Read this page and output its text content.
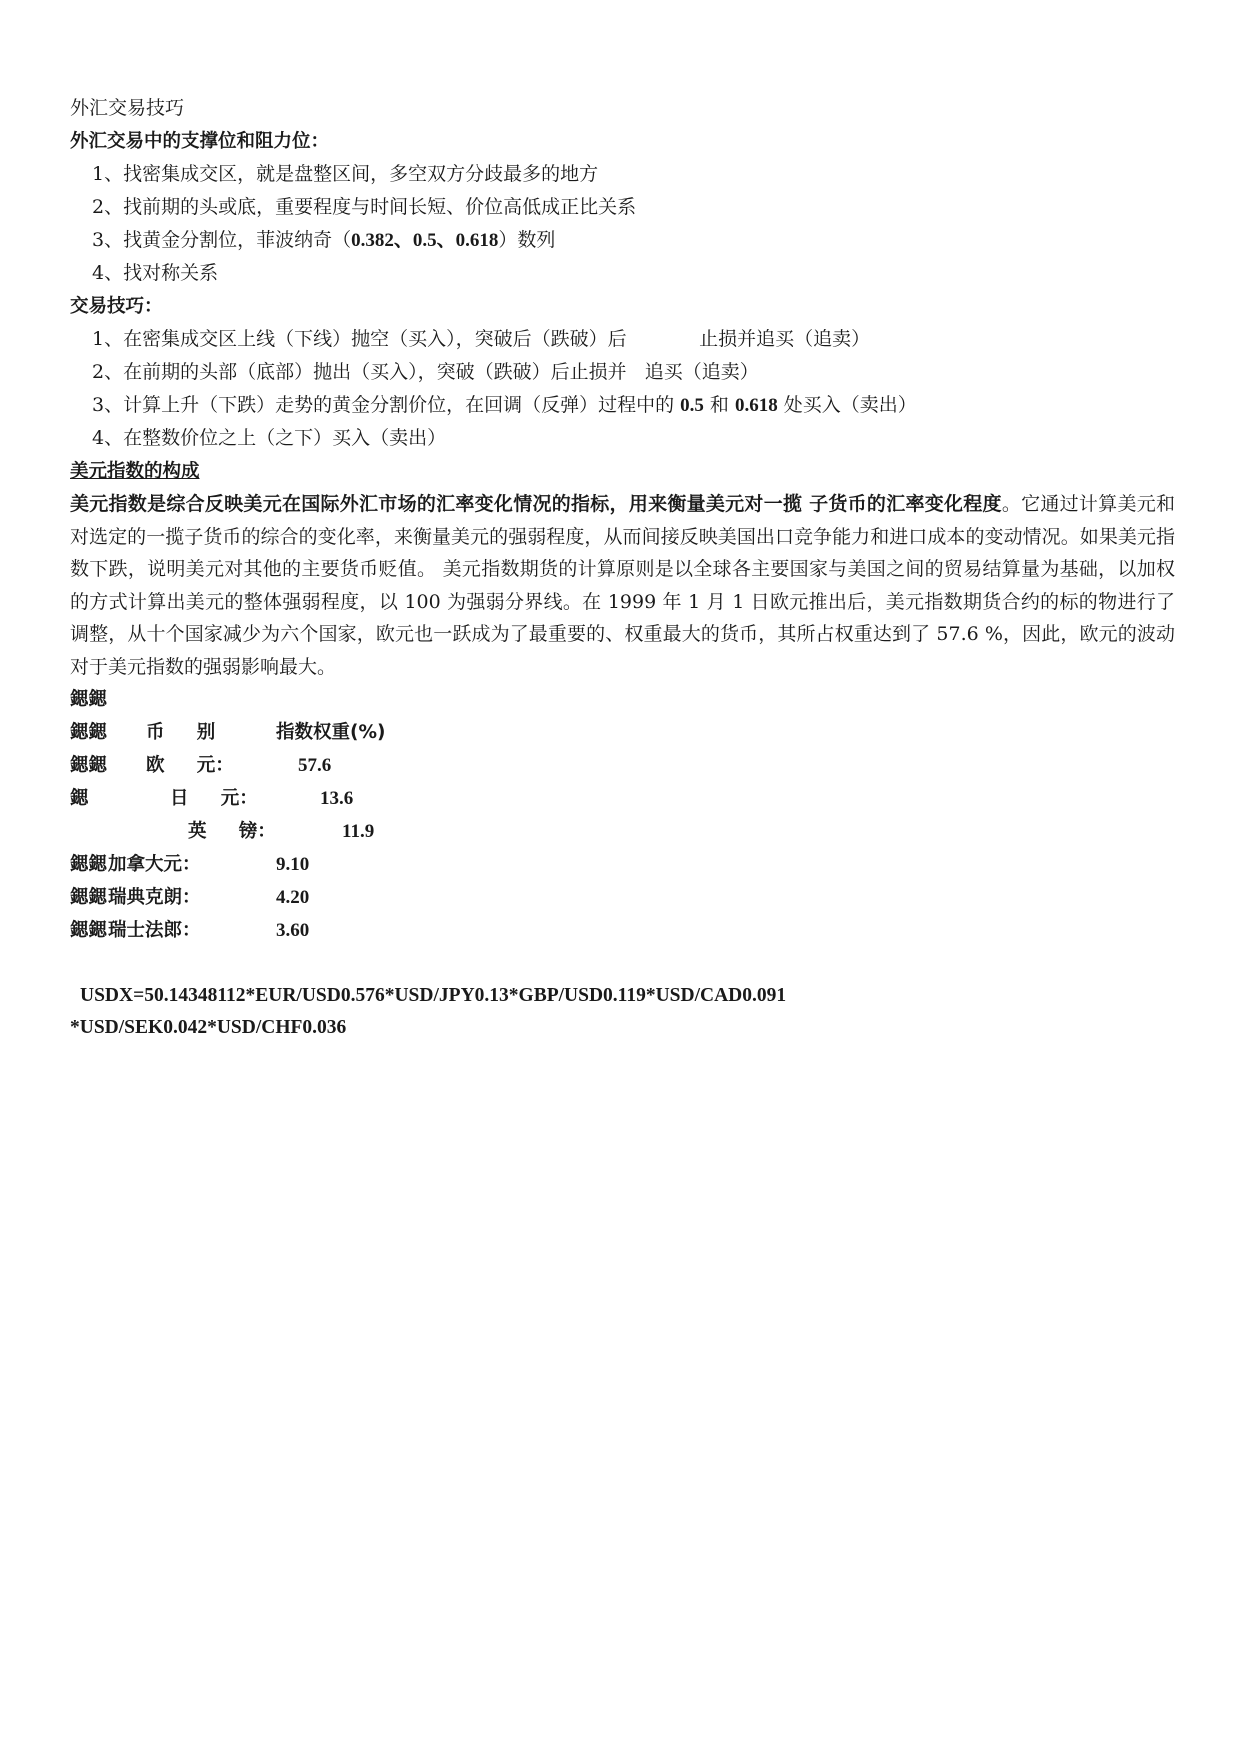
外汇交易技巧
外汇交易中的支撑位和阻力位：
1、找密集成交区，就是盘整区间，多空双方分歧最多的地方
2、找前期的头或底，重要程度与时间长短、价位高低成正比关系
3、找黄金分割位，菲波纳奇（0.382、0.5、0.618）数列
4、找对称关系
交易技巧：
1、在密集成交区上线（下线）抛空（买入），突破后（跌破）后            止损并追买（追卖）
2、在前期的头部（底部）抛出（买入），突破（跌破）后止损并   追买（追卖）
3、计算上升（下跌）走势的黄金分割价位，在回调（反弹）过程中的 0.5 和 0.618 处买入（卖出）
4、在整数价位之上（之下）买入（卖出）
美元指数的构成
美元指数是综合反映美元在国际外汇市场的汇率变化情况的指标，用来衡量美元对一揽 子货币的汇率变化程度。它通过计算美元和对选定的一揽子货币的综合的变化率，来衡量美元的强弱程度，从而间接反映美国出口竞争能力和进口成本的变动情况。如果美元指数下跌，说明美元对其他的主要货币贬值。 美元指数期货的计算原则是以全球各主要国家与美国之间的贸易结算量为基础，以加权的方式计算出美元的整体强弱程度，以 100 为强弱分界线。在 1999 年 1 月 1 日欧元推出后，美元指数期货合约的标的物进行了调整，从十个国家减少为六个国家，欧元也一跃成为了最重要的、权重最大的货币，其所占权重达到了 57.6 %，因此，欧元的波动对于美元指数的强弱影响最大。
鍶鍶
鍶鍶 币     别	指数权重(%)
鍶鍶 欧     元：	57.6
鍶	日     元：	13.6
英     镑：	11.9
鍶鍶 加拿大元：	9.10
鍶鍶 瑞典克朗：	4.20
鍶鍶 瑞士法郎：	3.60
USDX=50.14348112*EUR/USD0.576*USD/JPY0.13*GBP/USD0.119*USD/CAD0.091
*USD/SEK0.042*USD/CHF0.036
